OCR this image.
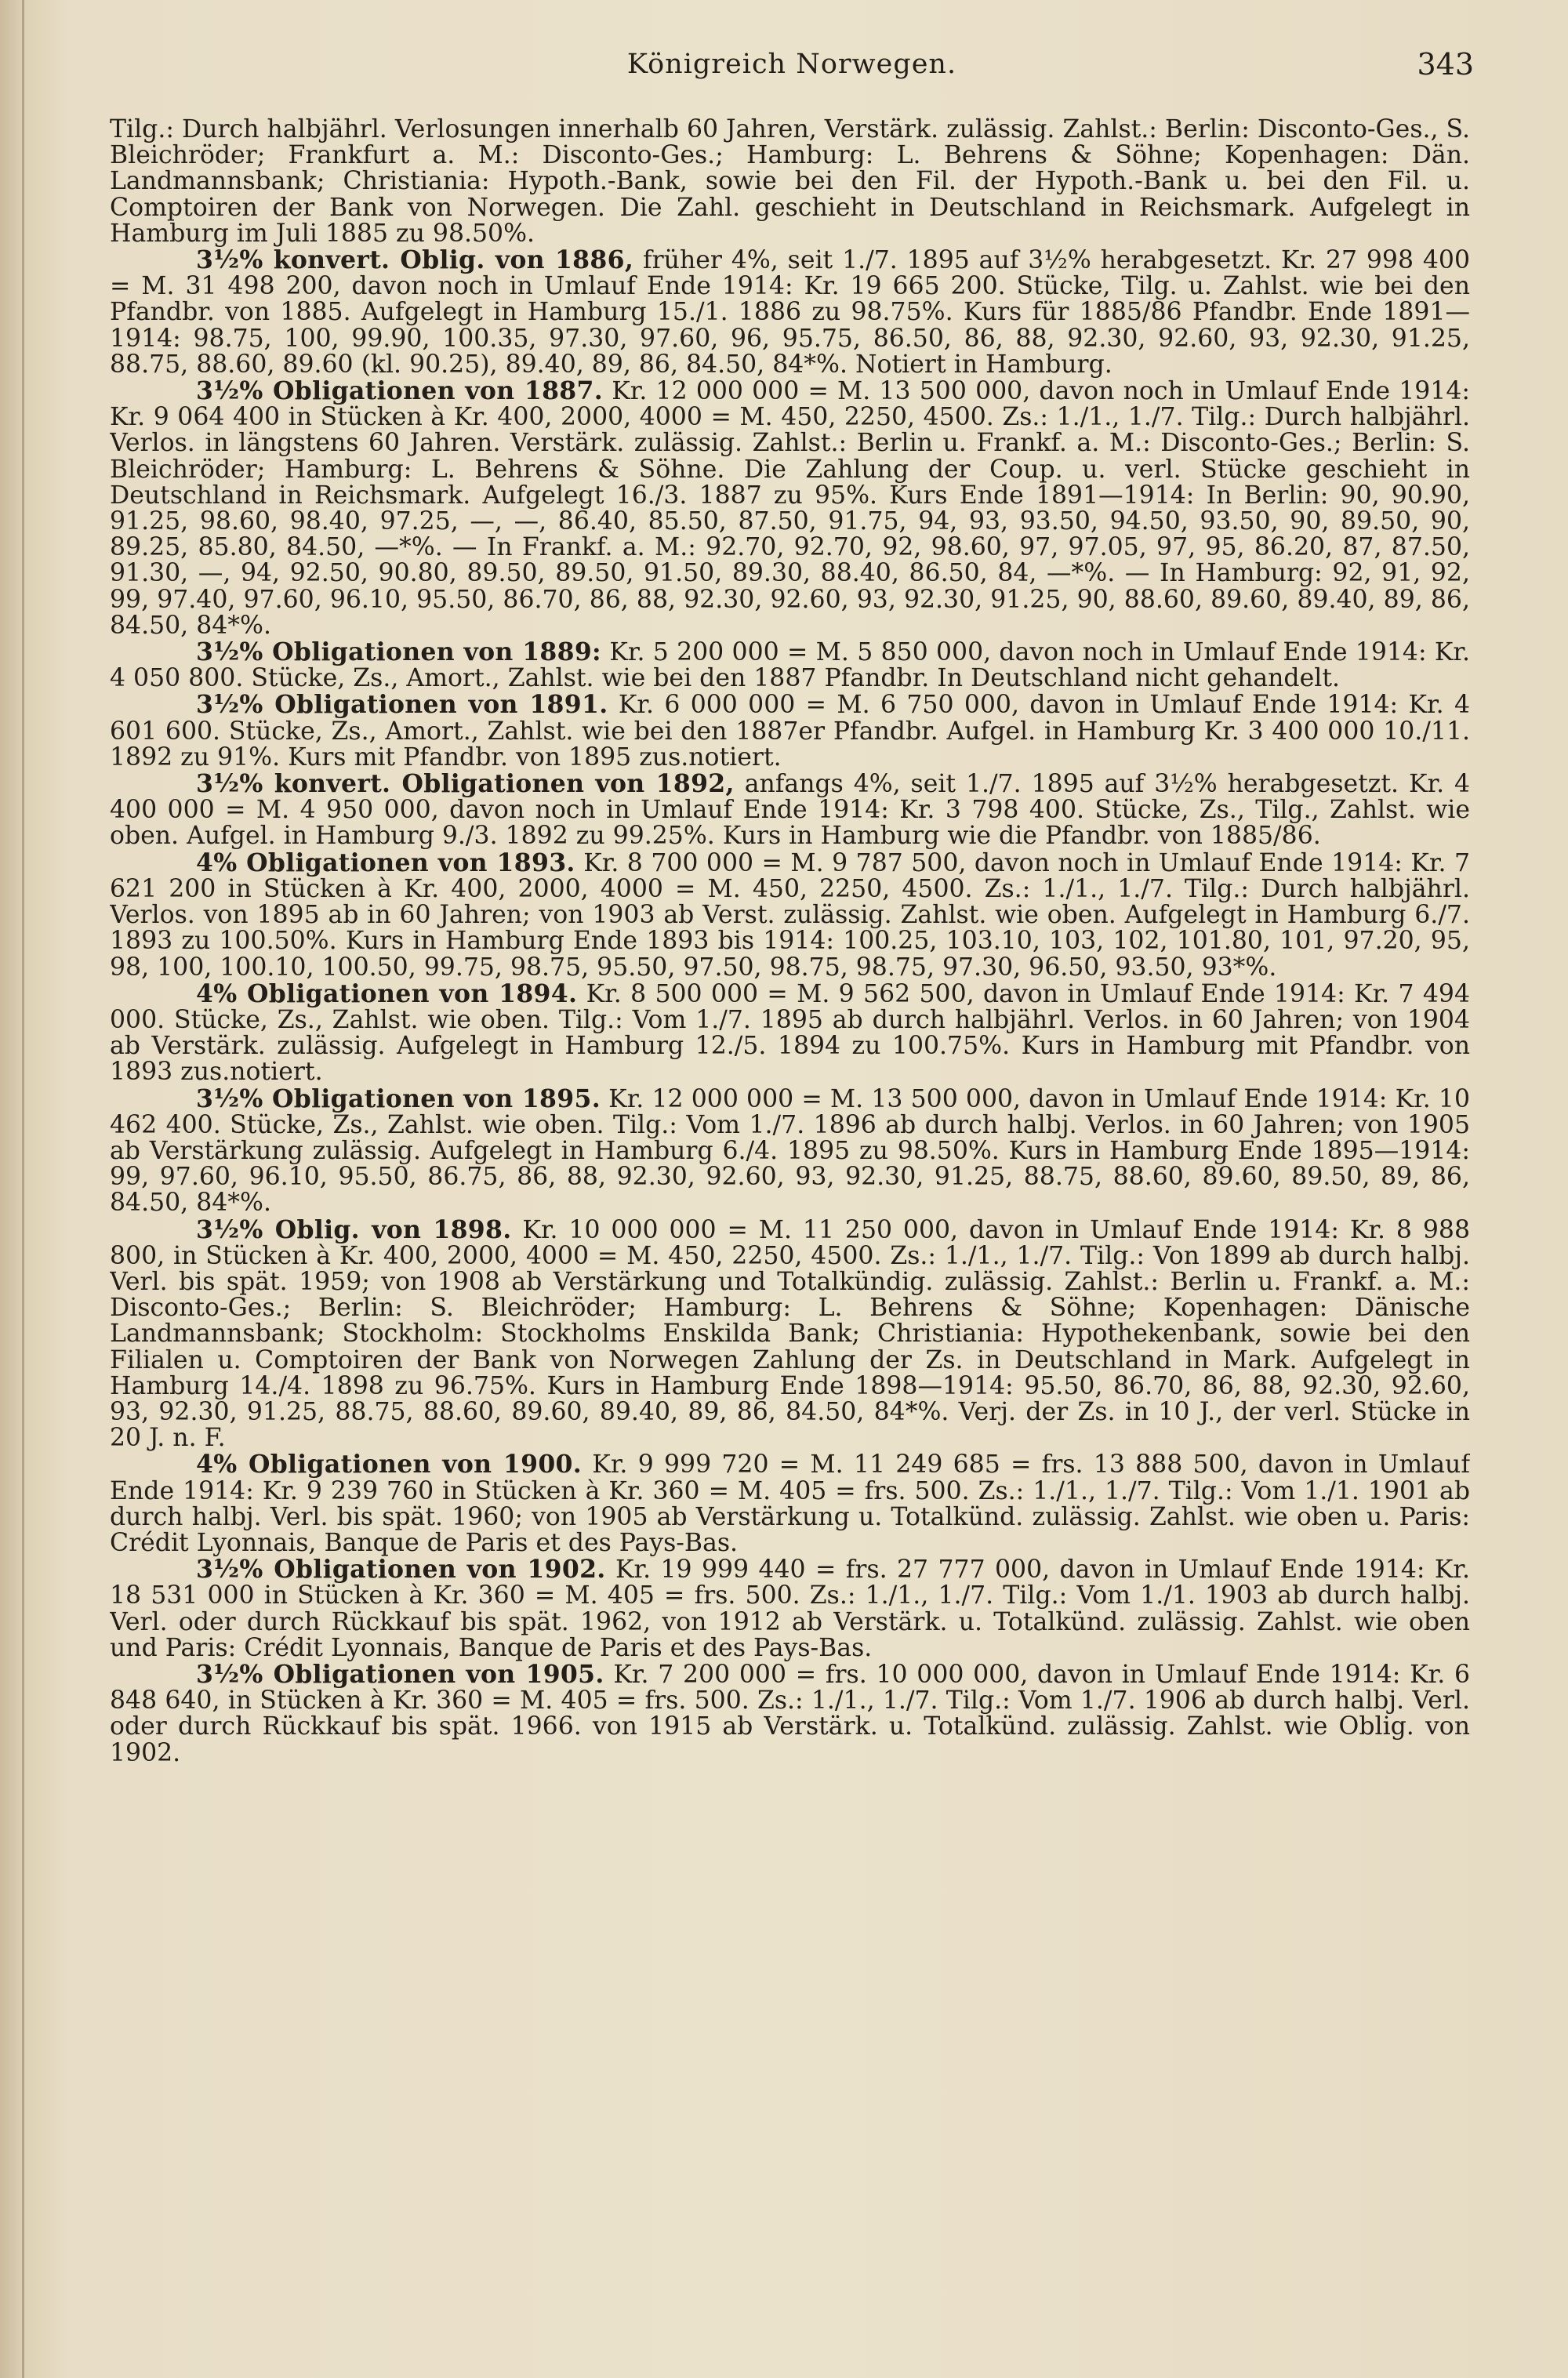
Königreich Norwegen.	343

Tilg.: Durch halbjährl. Verlosungen innerhalb 60 Jahren, Verstärk. zulässig. Zahlst.: Berlin: Disconto-Ges., S. Bleichröder; Frankfurt a. M.: Disconto-Ges.; Hamburg: L. Behrens & Söhne; Kopenhagen: Dän. Landmannsbank; Christiania: Hypoth.-Bank, sowie bei den Fil. der Hypoth.-Bank u. bei den Fil. u. Comptoiren der Bank von Norwegen. Die Zahl. geschieht in Deutschland in Reichsmark. Aufgelegt in Hamburg im Juli 1885 zu 98.50%.

3½% konvert. Oblig. von 1886, früher 4%, seit 1./7. 1895 auf 3½% herabgesetzt. Kr. 27 998 400 = M. 31 498 200, davon noch in Umlauf Ende 1914: Kr. 19 665 200. Stücke, Tilg. u. Zahlst. wie bei den Pfandbr. von 1885. Aufgelegt in Hamburg 15./1. 1886 zu 98.75%. Kurs für 1885/86 Pfandbr. Ende 1891—1914: 98.75, 100, 99.90, 100.35, 97.30, 97.60, 96, 95.75, 86.50, 86, 88, 92.30, 92.60, 93, 92.30, 91.25, 88.75, 88.60, 89.60 (kl. 90.25), 89.40, 89, 86, 84.50, 84*%. Notiert in Hamburg.

3½% Obligationen von 1887. Kr. 12 000 000 = M. 13 500 000, davon noch in Umlauf Ende 1914: Kr. 9 064 400 in Stücken à Kr. 400, 2000, 4000 = M. 450, 2250, 4500. Zs.: 1./1., 1./7. Tilg.: Durch halbjährl. Verlos. in längstens 60 Jahren. Verstärk. zulässig. Zahlst.: Berlin u. Frankf. a. M.: Disconto-Ges.; Berlin: S. Bleichröder; Hamburg: L. Behrens & Söhne. Die Zahlung der Coup. u. verl. Stücke geschieht in Deutschland in Reichsmark. Aufgelegt 16./3. 1887 zu 95%. Kurs Ende 1891—1914: In Berlin: 90, 90.90, 91.25, 98.60, 98.40, 97.25, —, —, 86.40, 85.50, 87.50, 91.75, 94, 93, 93.50, 94.50, 93.50, 90, 89.50, 90, 89.25, 85.80, 84.50, —*%. — In Frankf. a. M.: 92.70, 92.70, 92, 98.60, 97, 97.05, 97, 95, 86.20, 87, 87.50, 91.30, —, 94, 92.50, 90.80, 89.50, 89.50, 91.50, 89.30, 88.40, 86.50, 84, —*%. — In Hamburg: 92, 91, 92, 99, 97.40, 97.60, 96.10, 95.50, 86.70, 86, 88, 92.30, 92.60, 93, 92.30, 91.25, 90, 88.60, 89.60, 89.40, 89, 86, 84.50, 84*%.

3½% Obligationen von 1889: Kr. 5 200 000 = M. 5 850 000, davon noch in Umlauf Ende 1914: Kr. 4 050 800. Stücke, Zs., Amort., Zahlst. wie bei den 1887 Pfandbr. In Deutschland nicht gehandelt.

3½% Obligationen von 1891. Kr. 6 000 000 = M. 6 750 000, davon in Umlauf Ende 1914: Kr. 4 601 600. Stücke, Zs., Amort., Zahlst. wie bei den 1887er Pfandbr. Aufgel. in Hamburg Kr. 3 400 000 10./11. 1892 zu 91%. Kurs mit Pfandbr. von 1895 zus.notiert.

3½% konvert. Obligationen von 1892, anfangs 4%, seit 1./7. 1895 auf 3½% herabgesetzt. Kr. 4 400 000 = M. 4 950 000, davon noch in Umlauf Ende 1914: Kr. 3 798 400. Stücke, Zs., Tilg., Zahlst. wie oben. Aufgel. in Hamburg 9./3. 1892 zu 99.25%. Kurs in Hamburg wie die Pfandbr. von 1885/86.

4% Obligationen von 1893. Kr. 8 700 000 = M. 9 787 500, davon noch in Umlauf Ende 1914: Kr. 7 621 200 in Stücken à Kr. 400, 2000, 4000 = M. 450, 2250, 4500. Zs.: 1./1., 1./7. Tilg.: Durch halbjährl. Verlos. von 1895 ab in 60 Jahren; von 1903 ab Verst. zulässig. Zahlst. wie oben. Aufgelegt in Hamburg 6./7. 1893 zu 100.50%. Kurs in Hamburg Ende 1893 bis 1914: 100.25, 103.10, 103, 102, 101.80, 101, 97.20, 95, 98, 100, 100.10, 100.50, 99.75, 98.75, 95.50, 97.50, 98.75, 98.75, 97.30, 96.50, 93.50, 93*%.

4% Obligationen von 1894. Kr. 8 500 000 = M. 9 562 500, davon in Umlauf Ende 1914: Kr. 7 494 000. Stücke, Zs., Zahlst. wie oben. Tilg.: Vom 1./7. 1895 ab durch halbjährl. Verlos. in 60 Jahren; von 1904 ab Verstärk. zulässig. Aufgelegt in Hamburg 12./5. 1894 zu 100.75%. Kurs in Hamburg mit Pfandbr. von 1893 zus.notiert.

3½% Obligationen von 1895. Kr. 12 000 000 = M. 13 500 000, davon in Umlauf Ende 1914: Kr. 10 462 400. Stücke, Zs., Zahlst. wie oben. Tilg.: Vom 1./7. 1896 ab durch halbj. Verlos. in 60 Jahren; von 1905 ab Verstärkung zulässig. Aufgelegt in Hamburg 6./4. 1895 zu 98.50%. Kurs in Hamburg Ende 1895—1914: 99, 97.60, 96.10, 95.50, 86.75, 86, 88, 92.30, 92.60, 93, 92.30, 91.25, 88.75, 88.60, 89.60, 89.50, 89, 86, 84.50, 84*%.

3½% Oblig. von 1898. Kr. 10 000 000 = M. 11 250 000, davon in Umlauf Ende 1914: Kr. 8 988 800, in Stücken à Kr. 400, 2000, 4000 = M. 450, 2250, 4500. Zs.: 1./1., 1./7. Tilg.: Von 1899 ab durch halbj. Verl. bis spät. 1959; von 1908 ab Verstärkung und Totalkündig. zulässig. Zahlst.: Berlin u. Frankf. a. M.: Disconto-Ges.; Berlin: S. Bleichröder; Hamburg: L. Behrens & Söhne; Kopenhagen: Dänische Landmannsbank; Stockholm: Stockholms Enskilda Bank; Christiania: Hypothekenbank, sowie bei den Filialen u. Comptoiren der Bank von Norwegen Zahlung der Zs. in Deutschland in Mark. Aufgelegt in Hamburg 14./4. 1898 zu 96.75%. Kurs in Hamburg Ende 1898—1914: 95.50, 86.70, 86, 88, 92.30, 92.60, 93, 92.30, 91.25, 88.75, 88.60, 89.60, 89.40, 89, 86, 84.50, 84*%. Verj. der Zs. in 10 J., der verl. Stücke in 20 J. n. F.

4% Obligationen von 1900. Kr. 9 999 720 = M. 11 249 685 = frs. 13 888 500, davon in Umlauf Ende 1914: Kr. 9 239 760 in Stücken à Kr. 360 = M. 405 = frs. 500. Zs.: 1./1., 1./7. Tilg.: Vom 1./1. 1901 ab durch halbj. Verl. bis spät. 1960; von 1905 ab Verstärkung u. Totalkünd. zulässig. Zahlst. wie oben u. Paris: Crédit Lyonnais, Banque de Paris et des Pays-Bas.

3½% Obligationen von 1902. Kr. 19 999 440 = frs. 27 777 000, davon in Umlauf Ende 1914: Kr. 18 531 000 in Stücken à Kr. 360 = M. 405 = frs. 500. Zs.: 1./1., 1./7. Tilg.: Vom 1./1. 1903 ab durch halbj. Verl. oder durch Rückkauf bis spät. 1962, von 1912 ab Verstärk. u. Totalkünd. zulässig. Zahlst. wie oben und Paris: Crédit Lyonnais, Banque de Paris et des Pays-Bas.

3½% Obligationen von 1905. Kr. 7 200 000 = frs. 10 000 000, davon in Umlauf Ende 1914: Kr. 6 848 640, in Stücken à Kr. 360 = M. 405 = frs. 500. Zs.: 1./1., 1./7. Tilg.: Vom 1./7. 1906 ab durch halbj. Verl. oder durch Rückkauf bis spät. 1966. von 1915 ab Verstärk. u. Totalkünd. zulässig. Zahlst. wie Oblig. von 1902.
